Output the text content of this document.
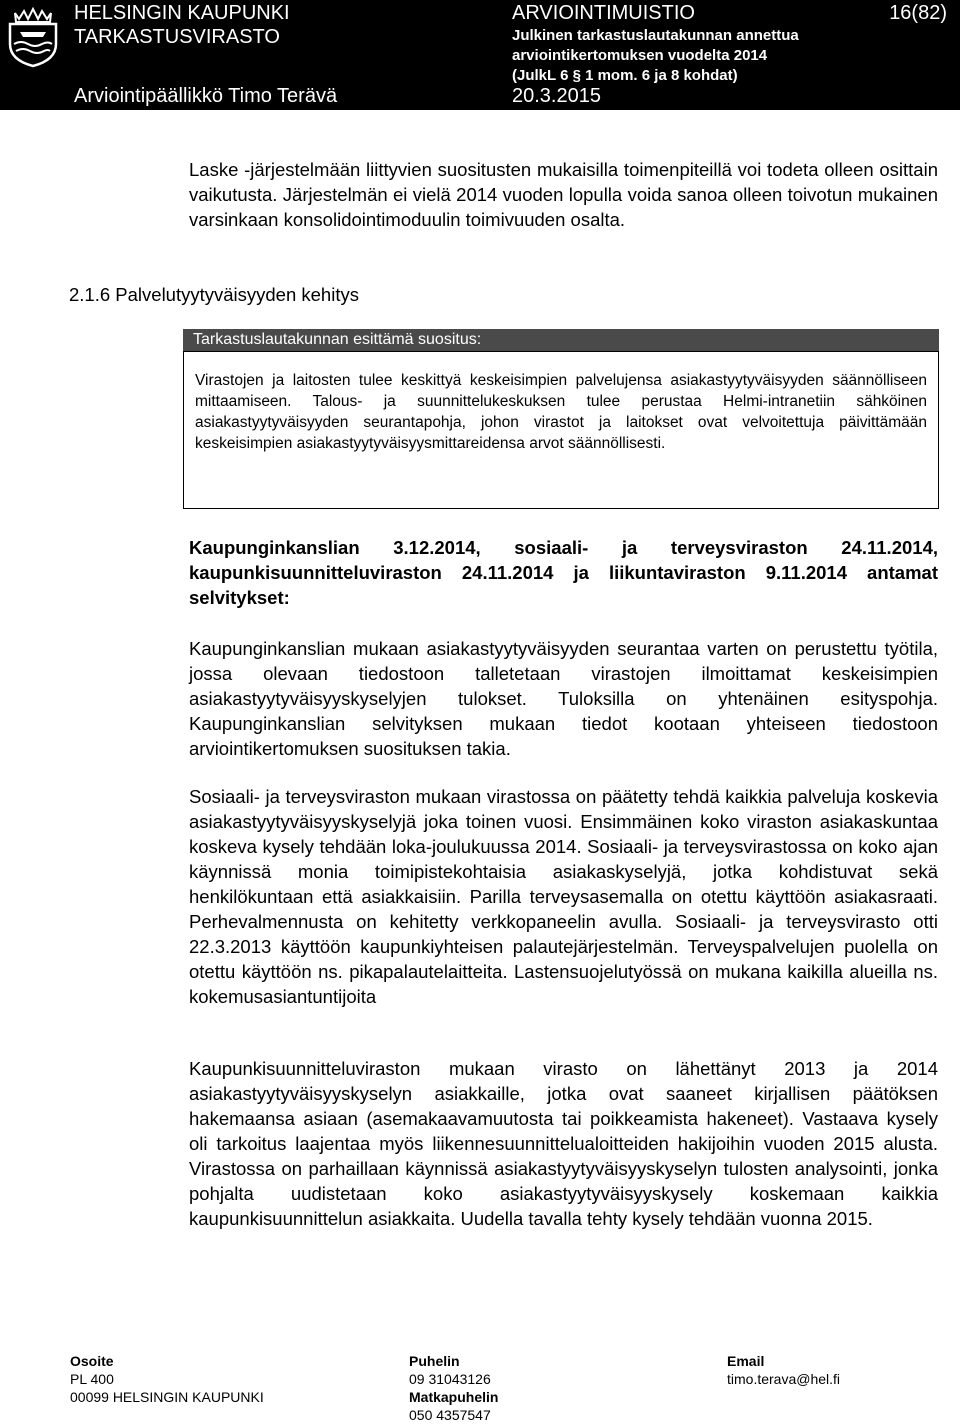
HELSINGIN KAUPUNKI
TARKASTUSVIRASTO
Arviointipäällikkö Timo Terävä
ARVIOINTIMUISTIO
Julkinen tarkastuslautakunnan annettua
arviointikertomuksen vuodelta 2014
(JulkL 6 § 1 mom. 6 ja 8 kohdat)
20.3.2015
16(82)

Laske -järjestelmään liittyvien suositusten mukaisilla toimenpiteillä voi todeta olleen osittain vaikutusta. Järjestelmän ei vielä 2014 vuoden lopulla voida sanoa olleen toivotun mukainen varsinkaan konsolidointimoduulin toimivuuden osalta.

2.1.6 Palvelutyytyväisyyden kehitys
Tarkastuslautakunnan esittämä suositus:
Virastojen ja laitosten tulee keskittyä keskeisimpien palvelujensa asiakastyytyväisyyden säännölliseen mittaamiseen. Talous- ja suunnittelukeskuksen tulee perustaa Helmi-intranetiin sähköinen asiakastyytyväisyyden seurantapohja, johon virastot ja laitokset ovat velvoitettuja päivittämään keskeisimpien asiakastyytyväisyysmittareidensa arvot säännöllisesti.

Kaupunginkanslian 3.12.2014, sosiaali- ja terveysviraston 24.11.2014, kaupunkisuunnitteluviraston 24.11.2014 ja liikuntaviraston 9.11.2014 antamat selvitykset:

Kaupunginkanslian mukaan asiakastyytyväisyyden seurantaa varten on perustettu työtila, jossa olevaan tiedostoon talletetaan virastojen ilmoittamat keskeisimpien asiakastyytyväisyyskyselyjen tulokset. Tuloksilla on yhtenäinen esityspohja. Kaupunginkanslian selvityksen mukaan tiedot kootaan yhteiseen tiedostoon arviointikertomuksen suosituksen takia.

Sosiaali- ja terveysviraston mukaan virastossa on päätetty tehdä kaikkia palveluja koskevia asiakastyytyväisyyskyselyjä joka toinen vuosi. Ensimmäinen koko viraston asiakaskuntaa koskeva kysely tehdään loka-joulukuussa 2014. Sosiaali- ja terveysvirastossa on koko ajan käynnissä monia toimipistekohtaisia asiakaskyselyjä, jotka kohdistuvat sekä henkilökuntaan että asiakkaisiin. Parilla terveysasemalla on otettu käyttöön asiakasraati. Perhevalmennusta on kehitetty verkkopaneelin avulla. Sosiaali- ja terveysvirasto otti 22.3.2013 käyttöön kaupunkiyhteisen palautejärjestelmän. Terveyspalvelujen puolella on otettu käyttöön ns. pikapalautelaitteita. Lastensuojelutyössä on mukana kaikilla alueilla ns. kokemusasiantuntijoita

Kaupunkisuunnitteluviraston mukaan virasto on lähettänyt 2013 ja 2014 asiakastyytyväisyyskyselyn asiakkaille, jotka ovat saaneet kirjallisen päätöksen hakemaansa asiaan (asemakaavamuutosta tai poikkeamista hakeneet). Vastaava kysely oli tarkoitus laajentaa myös liikennesuunnittelualoitteiden hakijoihin vuoden 2015 alusta. Virastossa on parhaillaan käynnissä asiakastyytyväisyyskyselyn tulosten analysointi, jonka pohjalta uudistetaan koko asiakastyytyväisyyskysely koskemaan kaikkia kaupunkisuunnittelun asiakkaita. Uudella tavalla tehty kysely tehdään vuonna 2015.

Osoite
PL 400
00099 HELSINGIN KAUPUNKI
Puhelin
09 31043126
Matkapuhelin
050 4357547
Email
timo.terava@hel.fi
